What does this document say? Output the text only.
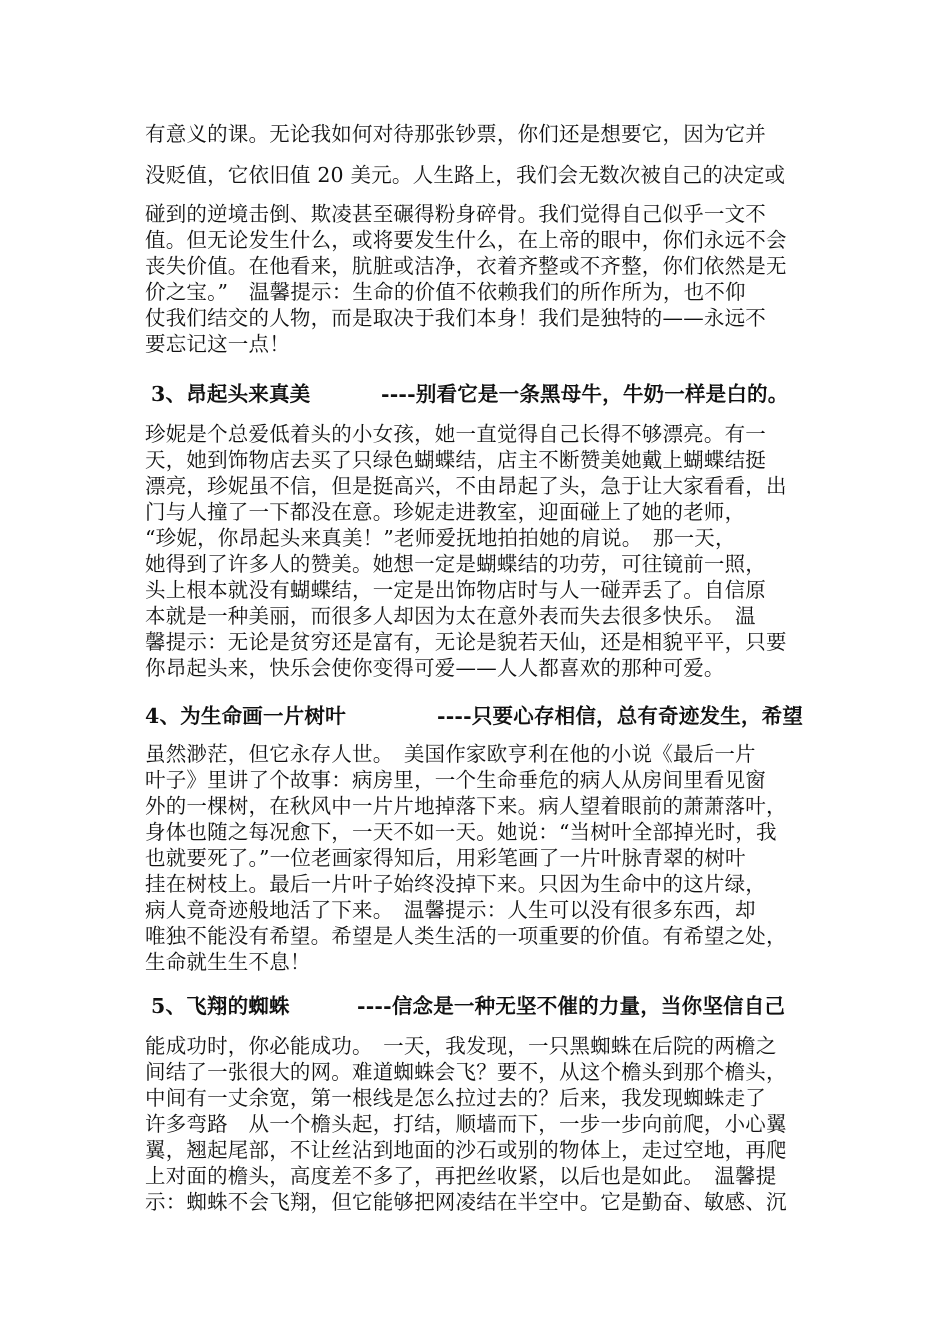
有意义的课。无论我如何对待那张钞票，你们还是想要它，因为它并
没贬值，它依旧值 20 美元。人生路上，我们会无数次被自己的决定或
碰到的逆境击倒、欺凌甚至碾得粉身碎骨。我们觉得自己似乎一文不
值。但无论发生什么，或将要发生什么，在上帝的眼中，你们永远不会
丧失价值。在他看来，肮脏或洁净，衣着齐整或不齐整，你们依然是无
价之宝。”　温馨提示：生命的价值不依赖我们的所作所为，也不仰
仗我们结交的人物，而是取决于我们本身！我们是独特的——永远不
要忘记这一点！
3、昂起头来真美	----别看它是一条黑母牛，牛奶一样是白的。
珍妮是个总爱低着头的小女孩，她一直觉得自己长得不够漂亮。有一
天，她到饰物店去买了只绿色蝴蝶结，店主不断赞美她戴上蝴蝶结挺
漂亮，珍妮虽不信，但是挺高兴，不由昂起了头，急于让大家看看，出
门与人撞了一下都没在意。珍妮走进教室，迎面碰上了她的老师，
“珍妮，你昂起头来真美！”老师爱抚地拍拍她的肩说。　那一天，
她得到了许多人的赞美。她想一定是蝴蝶结的功劳，可往镜前一照，
头上根本就没有蝴蝶结，一定是出饰物店时与人一碰弄丢了。自信原
本就是一种美丽，而很多人却因为太在意外表而失去很多快乐。　温
馨提示：无论是贫穷还是富有，无论是貌若天仙，还是相貌平平，只要
你昂起头来，快乐会使你变得可爱——人人都喜欢的那种可爱。
4、为生命画一片树叶	----只要心存相信，总有奇迹发生，希望
虽然渺茫，但它永存人世。　美国作家欧亨利在他的小说《最后一片
叶子》里讲了个故事：病房里，一个生命垂危的病人从房间里看见窗
外的一棵树，在秋风中一片片地掉落下来。病人望着眼前的萧萧落叶，
身体也随之每况愈下，一天不如一天。她说：“当树叶全部掉光时，我
也就要死了。”一位老画家得知后，用彩笔画了一片叶脉青翠的树叶
挂在树枝上。最后一片叶子始终没掉下来。只因为生命中的这片绿，
病人竟奇迹般地活了下来。　温馨提示：人生可以没有很多东西，却
唯独不能没有希望。希望是人类生活的一项重要的价值。有希望之处，
生命就生生不息！
5、飞翔的蜘蛛	----信念是一种无坚不催的力量，当你坚信自己
能成功时，你必能成功。　一天，我发现，一只黑蜘蛛在后院的两檐之
间结了一张很大的网。难道蜘蛛会飞？要不，从这个檐头到那个檐头，
中间有一丈余宽，第一根线是怎么拉过去的？后来，我发现蜘蛛走了
许多弯路　从一个檐头起，打结，顺墙而下，一步一步向前爬，小心翼
翼，翘起尾部，不让丝沾到地面的沙石或别的物体上，走过空地，再爬
上对面的檐头，高度差不多了，再把丝收紧，以后也是如此。　温馨提
示：蜘蛛不会飞翔，但它能够把网凌结在半空中。它是勤奋、敏感、沉
